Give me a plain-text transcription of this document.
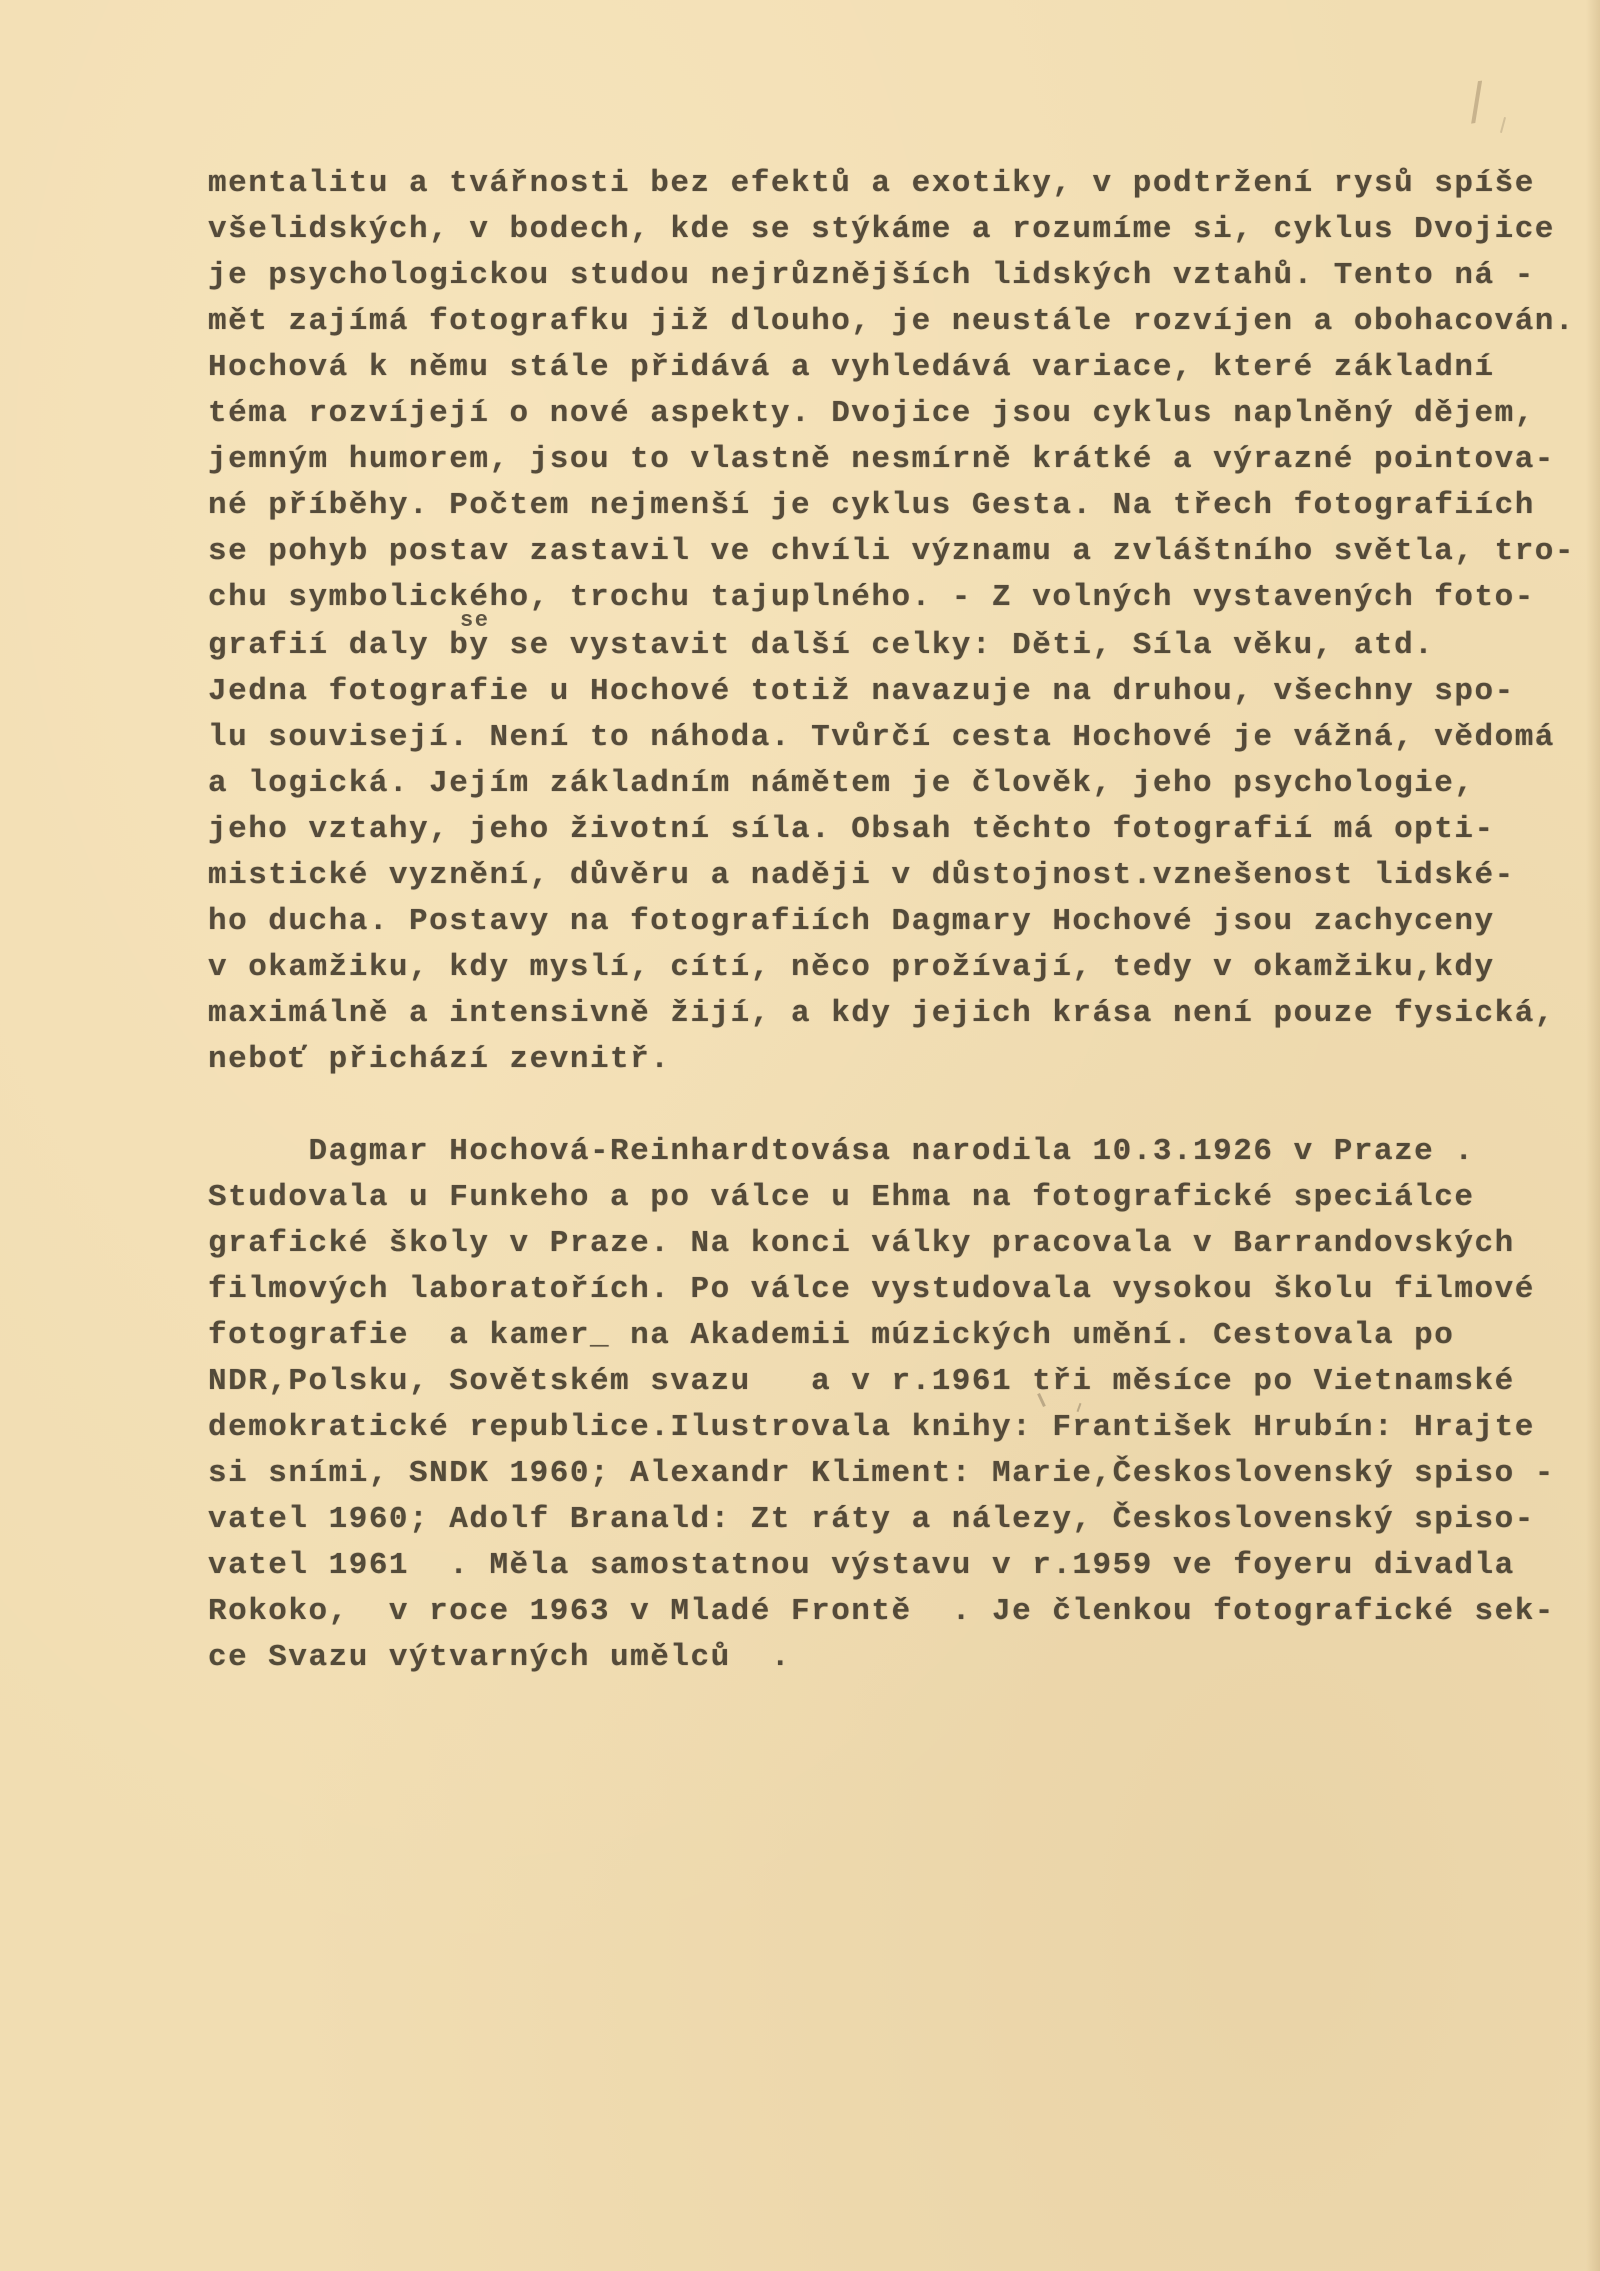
/
mentalitu a tvářnosti bez efektů a exotiky, v podtržení rysů spíše
všelidských, v bodech, kde se stýkáme a rozumíme si, cyklus Dvojice
je psychologickou studou nejrůznějších lidských vztahů. Tento ná -
mět zajímá fotografku již dlouho, je neustále rozvíjen a obohacován.
Hochová k němu stále přidává a vyhledává variace, které základní
téma rozvíjejí o nové aspekty. Dvojice jsou cyklus naplněný dějem,
jemným humorem, jsou to vlastně nesmírně krátké a výrazné pointova-
né příběhy. Počtem nejmenší je cyklus Gesta. Na třech fotografiích
se pohyb postav zastavil ve chvíli významu a zvláštního světla, tro-
chu symbolického, trochu tajuplného. - Z volných vystavených foto-
se
grafií daly by se vystavit další celky: Děti, Síla věku, atd.
Jedna fotografie u Hochové totiž navazuje na druhou, všechny spo-
lu souvisejí. Není to náhoda. Tvůrčí cesta Hochové je vážná, vědomá
a logická. Jejím základním námětem je člověk, jeho psychologie,
jeho vztahy, jeho životní síla. Obsah těchto fotografií má opti-
mistické vyznění, důvěru a naději v důstojnost.vznešenost lidské-
ho ducha. Postavy na fotografiích Dagmary Hochové jsou zachyceny
v okamžiku, kdy myslí, cítí, něco prožívají, tedy v okamžiku,kdy
maximálně a intensivně žijí, a kdy jejich krása není pouze fysická,
neboť přichází zevnitř.
Dagmar Hochová-Reinhardtovása narodila 10.3.1926 v Praze .
Studovala u Funkeho a po válce u Ehma na fotografické speciálce
grafické školy v Praze. Na konci války pracovala v Barrandovských
filmových laboratořích. Po válce vystudovala vysokou školu filmové
fotografie  a kamer_ na Akademii múzických umění. Cestovala po
NDR,Polsku, Sovětském svazu   a v r.1961 tři měsíce po Vietnamské
demokratické republice.Ilustrovala knihy: František Hrubín: Hrajte
si sními, SNDK 1960; Alexandr Kliment: Marie,Československý spiso -
vatel 1960; Adolf Branald: Zt ráty a nálezy, Československý spiso-
vatel 1961  . Měla samostatnou výstavu v r.1959 ve foyeru divadla
Rokoko,  v roce 1963 v Mladé Frontě  . Je členkou fotografické sek-
ce Svazu výtvarných umělců  .
